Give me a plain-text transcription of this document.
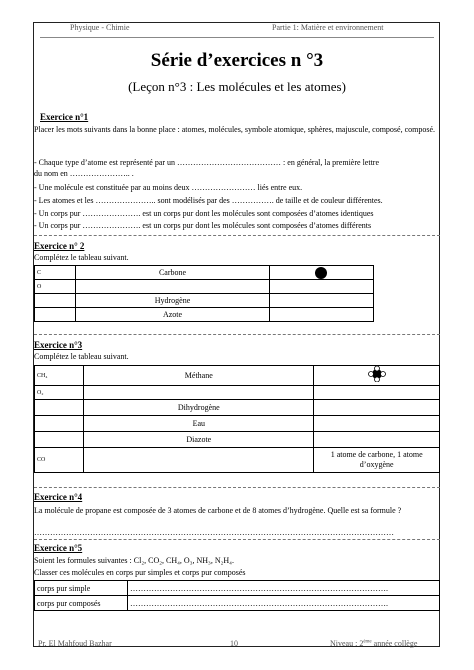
Physique - Chimie	Partie 1: Matière et environnement
Série d’exercices n °3
(Leçon n°3 : Les molécules et les atomes)
Exercice n°1
Placer les mots suivants dans la bonne place : atomes, molécules, symbole atomique, sphères, majuscule, composé, composé.
- Chaque type d’atome est représenté par un ………………………………… : en général, la première lettre
du nom en ………………….. .
- Une molécule est constituée par au moins deux …………………… liés entre eux.
- Les atomes et les ………………….. sont modélisés par des ……………. de taille et de couleur différentes.
- Un corps pur …………………. est un corps pur dont les molécules sont composées d’atomes identiques
- Un corps pur …………………. est un corps pur dont les molécules sont composées d’atomes différents
Exercice n° 2
Complétez le tableau suivant.
C	Carbone	
O		
	Hydrogène	
	Azote	
Exercice n°3
Complétez le tableau suivant.
CH₄	Méthane	
O₂		
	Dihydrogène	
	Eau	
	Diazote	
CO		1 atome de carbone, 1 atome d’oxygène
Exercice n°4
La molécule de propane est composée de 3 atomes de carbone et de 8 atomes d’hydrogène. Quelle est sa formule ?
………………………………………………………………………………………………………………………
Exercice n°5
Soient les formules suivantes : Cl₂, CO₂, CH₄, O₃, NH₃, N₂H₄.
Classer ces molécules en corps pur simples et corps pur composés
corps pur simple	…………………………………………………………………………………….
corps pur composés	…………………………………………………………………………………….
Pr. El Mahfoud Bazhar	10	Niveau : 2ème année collège
